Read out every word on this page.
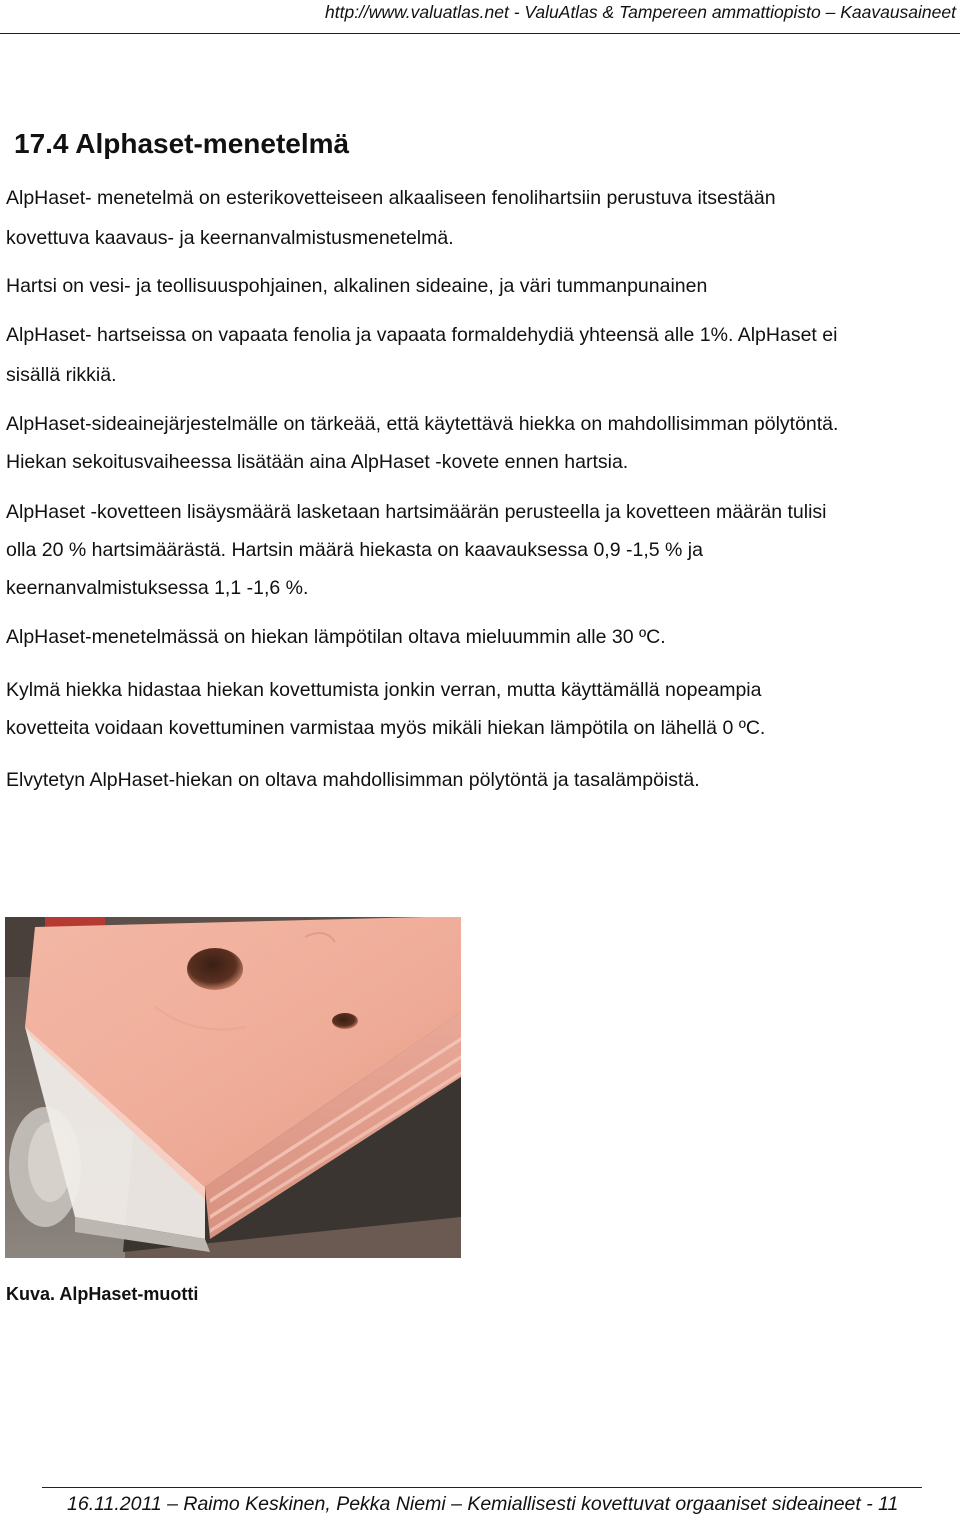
http://www.valuatlas.net - ValuAtlas & Tampereen ammattiopisto – Kaavausaineet
17.4 Alphaset-menetelmä

AlpHaset- menetelmä on esterikovetteiseen alkaaliseen fenolihartsiin perustuva itsestään

kovettuva kaavaus- ja keernanvalmistusmenetelmä.

Hartsi on vesi- ja teollisuuspohjainen, alkalinen sideaine, ja väri tummanpunainen

AlpHaset- hartseissa on vapaata fenolia ja vapaata formaldehydiä yhteensä alle 1%. AlpHaset ei

sisällä rikkiä.

AlpHaset-sideainejärjestelmälle on tärkeää, että käytettävä hiekka on mahdollisimman pölytöntä.

Hiekan sekoitusvaiheessa lisätään aina AlpHaset -kovete ennen hartsia.

AlpHaset -kovetteen lisäysmäärä lasketaan hartsimäärän perusteella ja kovetteen määrän tulisi

olla 20 % hartsimäärästä. Hartsin määrä hiekasta on kaavauksessa 0,9 -1,5 % ja

keernanvalmistuksessa 1,1 -1,6 %.

AlpHaset-menetelmässä on hiekan lämpötilan oltava mieluummin alle 30 ºC.

Kylmä hiekka hidastaa hiekan kovettumista jonkin verran, mutta käyttämällä nopeampia

kovetteita voidaan kovettuminen varmistaa myös mikäli hiekan lämpötila on lähellä 0 ºC.

Elvytetyn AlpHaset-hiekan on oltava mahdollisimman pölytöntä ja tasalämpöistä.

Kuva. AlpHaset-muotti

16.11.2011 – Raimo Keskinen, Pekka Niemi – Kemiallisesti kovettuvat orgaaniset sideaineet - 11
